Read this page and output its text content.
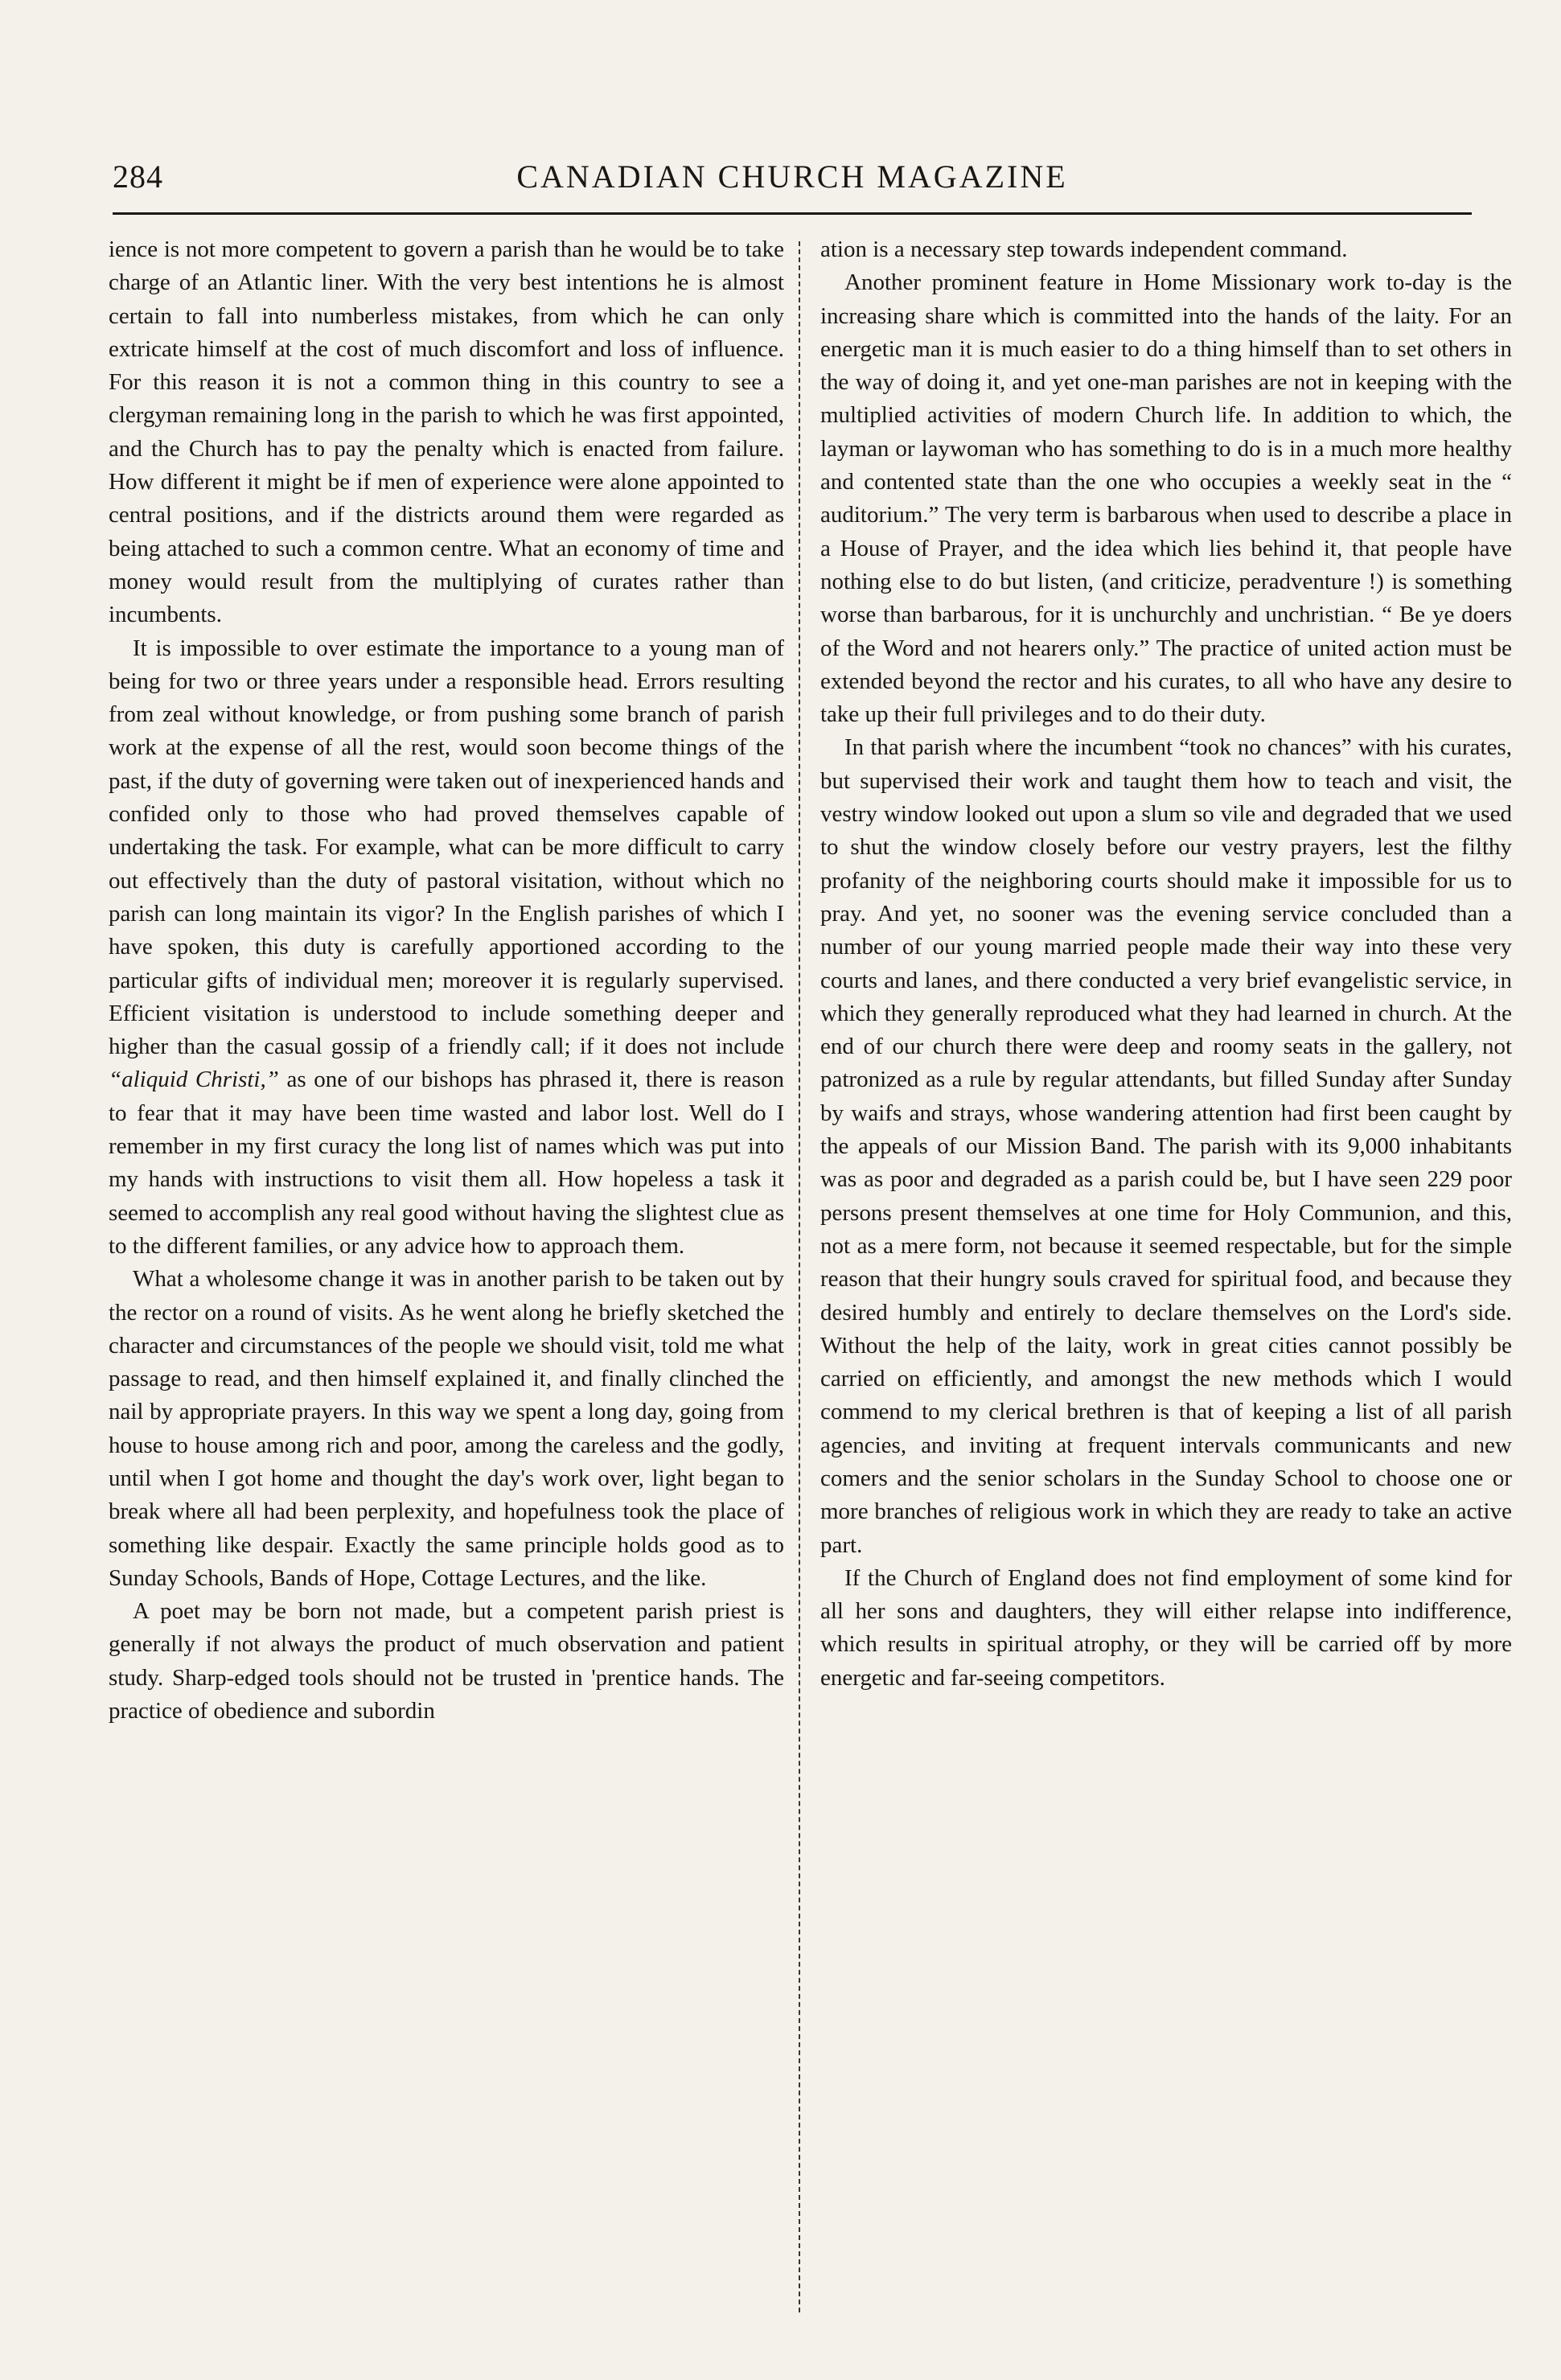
284	CANADIAN CHURCH MAGAZINE

ience is not more competent to govern a parish than he would be to take charge of an Atlantic liner. With the very best intentions he is almost certain to fall into numberless mistakes, from which he can only extricate himself at the cost of much discomfort and loss of influence. For this reason it is not a common thing in this country to see a clergyman remaining long in the parish to which he was first appointed, and the Church has to pay the penalty which is enacted from failure. How different it might be if men of experience were alone appointed to central positions, and if the districts around them were regarded as being attached to such a common centre. What an economy of time and money would result from the multiplying of curates rather than incumbents.

It is impossible to over estimate the importance to a young man of being for two or three years under a responsible head. Errors resulting from zeal without knowledge, or from pushing some branch of parish work at the expense of all the rest, would soon become things of the past, if the duty of governing were taken out of inexperienced hands and confided only to those who had proved themselves capable of undertaking the task. For example, what can be more difficult to carry out effectively than the duty of pastoral visitation, without which no parish can long maintain its vigor? In the English parishes of which I have spoken, this duty is carefully apportioned according to the particular gifts of individual men; moreover it is regularly supervised. Efficient visitation is understood to include something deeper and higher than the casual gossip of a friendly call; if it does not include “aliquid Christi,” as one of our bishops has phrased it, there is reason to fear that it may have been time wasted and labor lost. Well do I remember in my first curacy the long list of names which was put into my hands with instructions to visit them all. How hopeless a task it seemed to accomplish any real good without having the slightest clue as to the different families, or any advice how to approach them.

What a wholesome change it was in another parish to be taken out by the rector on a round of visits. As he went along he briefly sketched the character and circumstances of the people we should visit, told me what passage to read, and then himself explained it, and finally clinched the nail by appropriate prayers. In this way we spent a long day, going from house to house among rich and poor, among the careless and the godly, until when I got home and thought the day's work over, light began to break where all had been perplexity, and hopefulness took the place of something like despair. Exactly the same principle holds good as to Sunday Schools, Bands of Hope, Cottage Lectures, and the like.

A poet may be born not made, but a competent parish priest is generally if not always the product of much observation and patient study. Sharp-edged tools should not be trusted in 'prentice hands. The practice of obedience and subordin

ation is a necessary step towards independent command.

Another prominent feature in Home Missionary work to-day is the increasing share which is committed into the hands of the laity. For an energetic man it is much easier to do a thing himself than to set others in the way of doing it, and yet one-man parishes are not in keeping with the multiplied activities of modern Church life. In addition to which, the layman or laywoman who has something to do is in a much more healthy and contented state than the one who occupies a weekly seat in the “ auditorium.” The very term is barbarous when used to describe a place in a House of Prayer, and the idea which lies behind it, that people have nothing else to do but listen, (and criticize, peradventure !) is something worse than barbarous, for it is unchurchly and unchristian. “ Be ye doers of the Word and not hearers only.” The practice of united action must be extended beyond the rector and his curates, to all who have any desire to take up their full privileges and to do their duty.

In that parish where the incumbent “took no chances” with his curates, but supervised their work and taught them how to teach and visit, the vestry window looked out upon a slum so vile and degraded that we used to shut the window closely before our vestry prayers, lest the filthy profanity of the neighboring courts should make it impossible for us to pray. And yet, no sooner was the evening service concluded than a number of our young married people made their way into these very courts and lanes, and there conducted a very brief evangelistic service, in which they generally reproduced what they had learned in church. At the end of our church there were deep and roomy seats in the gallery, not patronized as a rule by regular attendants, but filled Sunday after Sunday by waifs and strays, whose wandering attention had first been caught by the appeals of our Mission Band. The parish with its 9,000 inhabitants was as poor and degraded as a parish could be, but I have seen 229 poor persons present themselves at one time for Holy Communion, and this, not as a mere form, not because it seemed respectable, but for the simple reason that their hungry souls craved for spiritual food, and because they desired humbly and entirely to declare themselves on the Lord's side. Without the help of the laity, work in great cities cannot possibly be carried on efficiently, and amongst the new methods which I would commend to my clerical brethren is that of keeping a list of all parish agencies, and inviting at frequent intervals communicants and new comers and the senior scholars in the Sunday School to choose one or more branches of religious work in which they are ready to take an active part.

If the Church of England does not find employment of some kind for all her sons and daughters, they will either relapse into indifference, which results in spiritual atrophy, or they will be carried off by more energetic and far-seeing competitors.
